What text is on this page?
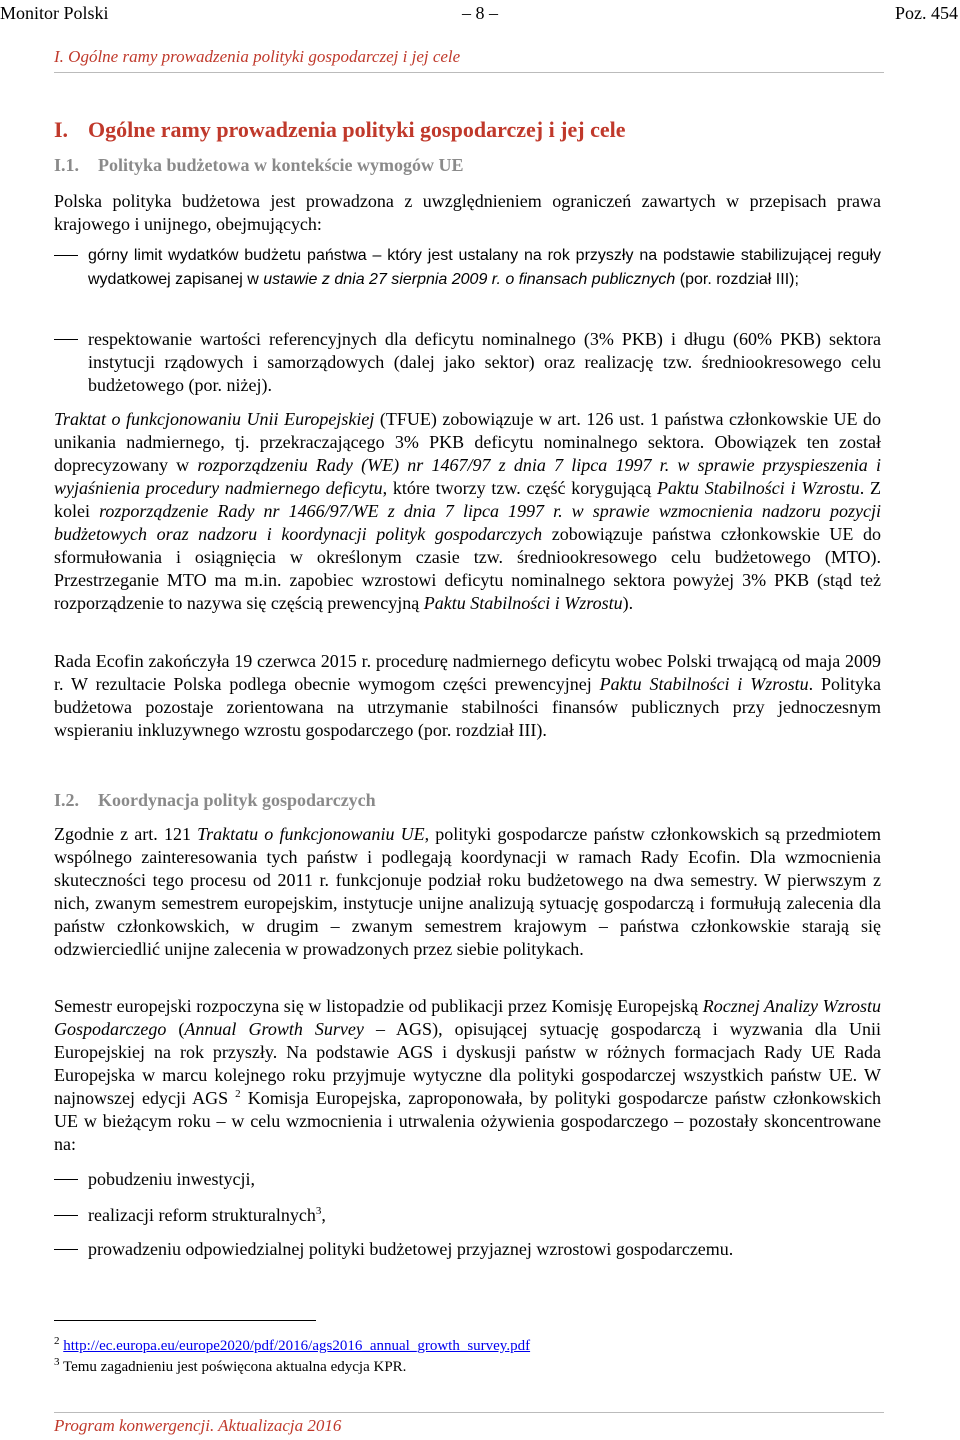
Monitor Polski	– 8 –	Poz. 454
I. Ogólne ramy prowadzenia polityki gospodarczej i jej cele
I. Ogólne ramy prowadzenia polityki gospodarczej i jej cele
I.1. Polityka budżetowa w kontekście wymogów UE
Polska polityka budżetowa jest prowadzona z uwzględnieniem ograniczeń zawartych w przepisach prawa krajowego i unijnego, obejmujących:
górny limit wydatków budżetu państwa – który jest ustalany na rok przyszły na podstawie stabilizującej reguły wydatkowej zapisanej w ustawie z dnia 27 sierpnia 2009 r. o finansach publicznych (por. rozdział III);
respektowanie wartości referencyjnych dla deficytu nominalnego (3% PKB) i długu (60% PKB) sektora instytucji rządowych i samorządowych (dalej jako sektor) oraz realizację tzw. średniookresowego celu budżetowego (por. niżej).
Traktat o funkcjonowaniu Unii Europejskiej (TFUE) zobowiązuje w art. 126 ust. 1 państwa członkowskie UE do unikania nadmiernego, tj. przekraczającego 3% PKB deficytu nominalnego sektora. Obowiązek ten został doprecyzowany w rozporządzeniu Rady (WE) nr 1467/97 z dnia 7 lipca 1997 r. w sprawie przyspieszenia i wyjaśnienia procedury nadmiernego deficytu, które tworzy tzw. część korygującą Paktu Stabilności i Wzrostu. Z kolei rozporządzenie Rady nr 1466/97/WE z dnia 7 lipca 1997 r. w sprawie wzmocnienia nadzoru pozycji budżetowych oraz nadzoru i koordynacji polityk gospodarczych zobowiązuje państwa członkowskie UE do sformułowania i osiągnięcia w określonym czasie tzw. średniookresowego celu budżetowego (MTO). Przestrzeganie MTO ma m.in. zapobiec wzrostowi deficytu nominalnego sektora powyżej 3% PKB (stąd też rozporządzenie to nazywa się częścią prewencyjną Paktu Stabilności i Wzrostu).
Rada Ecofin zakończyła 19 czerwca 2015 r. procedurę nadmiernego deficytu wobec Polski trwającą od maja 2009 r. W rezultacie Polska podlega obecnie wymogom części prewencyjnej Paktu Stabilności i Wzrostu. Polityka budżetowa pozostaje zorientowana na utrzymanie stabilności finansów publicznych przy jednoczesnym wspieraniu inkluzywnego wzrostu gospodarczego (por. rozdział III).
I.2. Koordynacja polityk gospodarczych
Zgodnie z art. 121 Traktatu o funkcjonowaniu UE, polityki gospodarcze państw członkowskich są przedmiotem wspólnego zainteresowania tych państw i podlegają koordynacji w ramach Rady Ecofin. Dla wzmocnienia skuteczności tego procesu od 2011 r. funkcjonuje podział roku budżetowego na dwa semestry. W pierwszym z nich, zwanym semestrem europejskim, instytucje unijne analizują sytuację gospodarczą i formułują zalecenia dla państw członkowskich, w drugim – zwanym semestrem krajowym – państwa członkowskie starają się odzwierciedlić unijne zalecenia w prowadzonych przez siebie politykach.
Semestr europejski rozpoczyna się w listopadzie od publikacji przez Komisję Europejską Rocznej Analizy Wzrostu Gospodarczego (Annual Growth Survey – AGS), opisującej sytuację gospodarczą i wyzwania dla Unii Europejskiej na rok przyszły. Na podstawie AGS i dyskusji państw w różnych formacjach Rady UE Rada Europejska w marcu kolejnego roku przyjmuje wytyczne dla polityki gospodarczej wszystkich państw UE. W najnowszej edycji AGS $^2$ Komisja Europejska, zaproponowała, by polityki gospodarcze państw członkowskich UE w bieżącym roku – w celu wzmocnienia i utrwalenia ożywienia gospodarczego – pozostały skoncentrowane na:
pobudzeniu inwestycji,
realizacji reform strukturalnych$^3$,
prowadzeniu odpowiedzialnej polityki budżetowej przyjaznej wzrostowi gospodarczemu.
$^2$ http://ec.europa.eu/europe2020/pdf/2016/ags2016_annual_growth_survey.pdf
$^3$ Temu zagadnieniu jest poświęcona aktualna edycja KPR.
Program konwergencji. Aktualizacja 2016
